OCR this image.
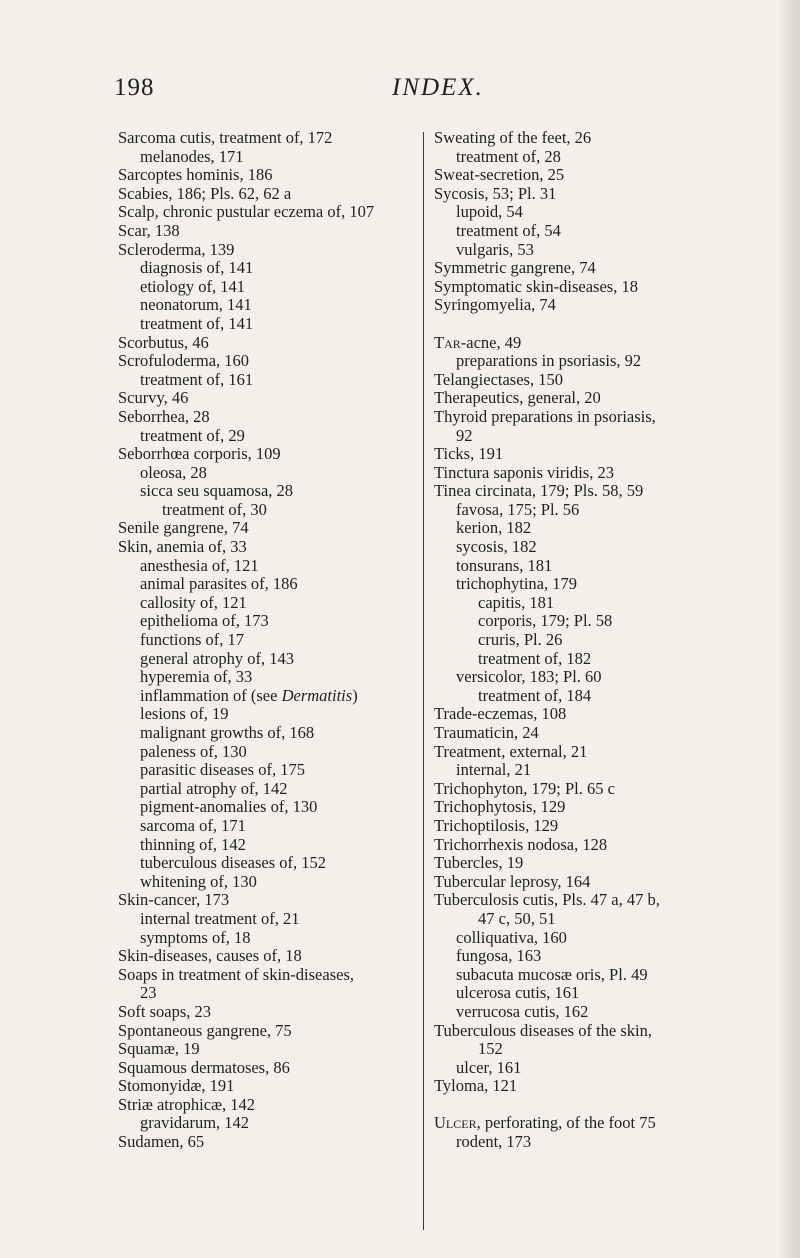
198	INDEX.
Sarcoma cutis, treatment of, 172
melanodes, 171
Sarcoptes hominis, 186
Scabies, 186; Pls. 62, 62 a
Scalp, chronic pustular eczema of, 107
Scar, 138
Scleroderma, 139
diagnosis of, 141
etiology of, 141
neonatorum, 141
treatment of, 141
Scorbutus, 46
Scrofuloderma, 160
treatment of, 161
Scurvy, 46
Seborrhea, 28
treatment of, 29
Seborrhœa corporis, 109
oleosa, 28
sicca seu squamosa, 28
treatment of, 30
Senile gangrene, 74
Skin, anemia of, 33
anesthesia of, 121
animal parasites of, 186
callosity of, 121
epithelioma of, 173
functions of, 17
general atrophy of, 143
hyperemia of, 33
inflammation of (see Dermatitis)
lesions of, 19
malignant growths of, 168
paleness of, 130
parasitic diseases of, 175
partial atrophy of, 142
pigment-anomalies of, 130
sarcoma of, 171
thinning of, 142
tuberculous diseases of, 152
whitening of, 130
Skin-cancer, 173
internal treatment of, 21
symptoms of, 18
Skin-diseases, causes of, 18
Soaps in treatment of skin-diseases,
23
Soft soaps, 23
Spontaneous gangrene, 75
Squamæ, 19
Squamous dermatoses, 86
Stomonyidæ, 191
Striæ atrophicæ, 142
gravidarum, 142
Sudamen, 65
Sweating of the feet, 26
treatment of, 28
Sweat-secretion, 25
Sycosis, 53; Pl. 31
lupoid, 54
treatment of, 54
vulgaris, 53
Symmetric gangrene, 74
Symptomatic skin-diseases, 18
Syringomyelia, 74
Tar-acne, 49
preparations in psoriasis, 92
Telangiectases, 150
Therapeutics, general, 20
Thyroid preparations in psoriasis,
92
Ticks, 191
Tinctura saponis viridis, 23
Tinea circinata, 179; Pls. 58, 59
favosa, 175; Pl. 56
kerion, 182
sycosis, 182
tonsurans, 181
trichophytina, 179
capitis, 181
corporis, 179; Pl. 58
cruris, Pl. 26
treatment of, 182
versicolor, 183; Pl. 60
treatment of, 184
Trade-eczemas, 108
Traumaticin, 24
Treatment, external, 21
internal, 21
Trichophyton, 179; Pl. 65 c
Trichophytosis, 129
Trichoptilosis, 129
Trichorrhexis nodosa, 128
Tubercles, 19
Tubercular leprosy, 164
Tuberculosis cutis, Pls. 47 a, 47 b,
47 c, 50, 51
colliquativa, 160
fungosa, 163
subacuta mucosæ oris, Pl. 49
ulcerosa cutis, 161
verrucosa cutis, 162
Tuberculous diseases of the skin,
152
ulcer, 161
Tyloma, 121
Ulcer, perforating, of the foot 75
rodent, 173
